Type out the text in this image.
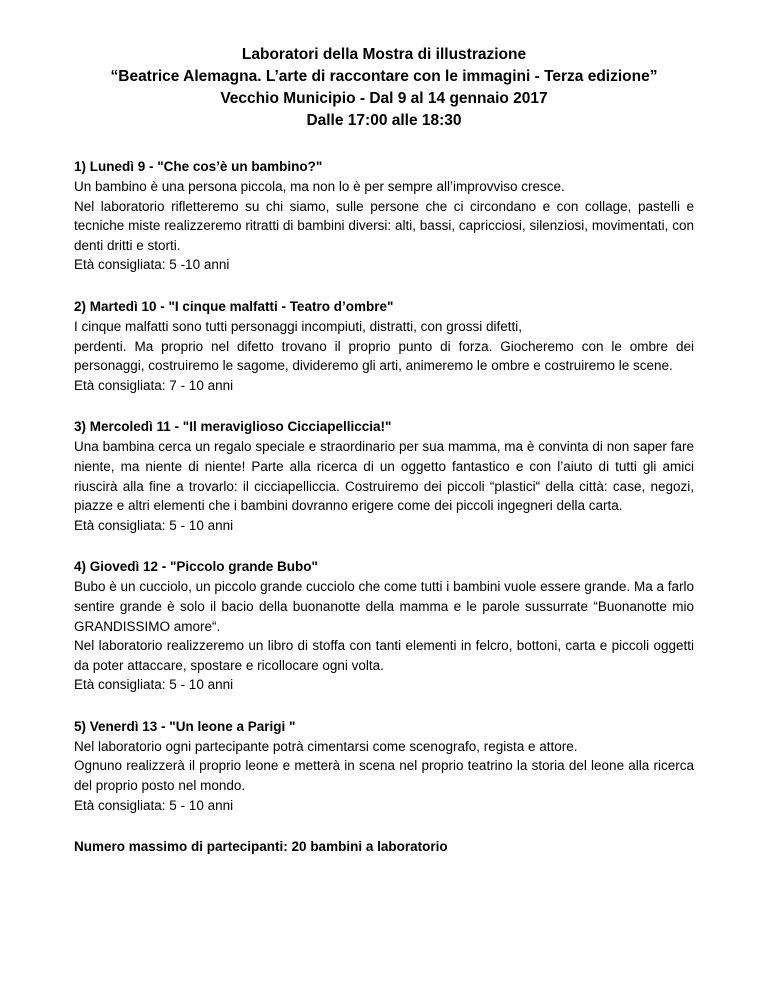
Laboratori della Mostra di illustrazione
“Beatrice Alemagna. L’arte di raccontare con le immagini - Terza edizione”
Vecchio Municipio - Dal 9 al 14 gennaio 2017
Dalle 17:00 alle 18:30

1) Lunedì 9 - "Che cos’è un bambino?"

Un bambino è una persona piccola, ma non lo è per sempre all’improvviso cresce.

Nel laboratorio rifletteremo su chi siamo, sulle persone che ci circondano e con collage, pastelli e tecniche miste realizzeremo ritratti di bambini diversi: alti, bassi, capricciosi, silenziosi, movimentati, con denti dritti e storti.

Età consigliata: 5 -10 anni

2) Martedì 10 - "I cinque malfatti - Teatro d’ombre"

I cinque malfatti sono tutti personaggi incompiuti, distratti, con grossi difetti,

perdenti. Ma proprio nel difetto trovano il proprio punto di forza. Giocheremo con le ombre dei personaggi, costruiremo le sagome, divideremo gli arti, animeremo le ombre e costruiremo le scene.

Età consigliata: 7 - 10 anni

3) Mercoledì 11 - "Il meraviglioso Cicciapelliccia!"

Una bambina cerca un regalo speciale e straordinario per sua mamma, ma è convinta di non saper fare niente, ma niente di niente! Parte alla ricerca di un oggetto fantastico e con l’aiuto di tutti gli amici riuscirà alla fine a trovarlo: il cicciapelliccia. Costruiremo dei piccoli “plastici“ della città: case, negozi, piazze e altri elementi che i bambini dovranno erigere come dei piccoli ingegneri della carta.

Età consigliata: 5 - 10 anni

4) Giovedì 12 - "Piccolo grande Bubo"

Bubo è un cucciolo, un piccolo grande cucciolo che come tutti i bambini vuole essere grande. Ma a farlo sentire grande è solo il bacio della buonanotte della mamma e le parole sussurrate “Buonanotte mio GRANDISSIMO amore“.

Nel laboratorio realizzeremo un libro di stoffa con tanti elementi in felcro, bottoni, carta e piccoli oggetti da poter attaccare, spostare e ricollocare ogni volta.

Età consigliata: 5 - 10 anni

5) Venerdì 13 - "Un leone a Parigi "

Nel laboratorio ogni partecipante potrà cimentarsi come scenografo, regista e attore.

Ognuno realizzerà il proprio leone e metterà in scena nel proprio teatrino la storia del leone alla ricerca del proprio posto nel mondo.

Età consigliata: 5 - 10 anni

Numero massimo di partecipanti: 20 bambini a laboratorio
